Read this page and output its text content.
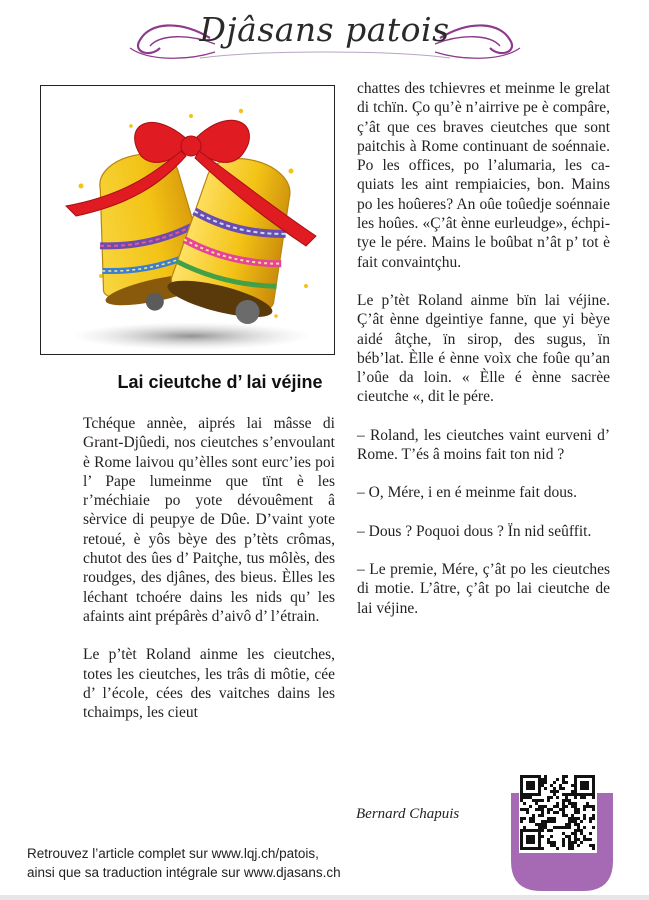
Djâsans patois
Lai cieutche d’ lai véjine

Tchéque annèe, aiprés lai mâsse di Grant-Djûedi, nos cieutches s’envoulant è Rome laivou qu’èlles sont eurc’ies poi l’ Pape lumeinme que tïnt è les r’méchiaie po yote dévouêment â sèrvice di peupye de Dûe. D’vaint yote retoué, è yôs bèye des p’tèts crômas, chutot des ûes d’ Paitçhe, tus môlès, des roudges, des djânes, des bieus. Èlles les léchant tchoére dains les nids qu’ les afaints aint prépârès d’aivô d’ l’étrain.

Le p’tèt Roland ainme les cieutches, totes les cieutches, les trâs di môtie, cée d’ l’école, cées des vaitches dains les tchaimps, les cieut

chattes des tchievres et meinme le grelat di tchïn. Ço qu’è n’airrive pe è compâre, ç’ât que ces braves cieutches que sont paitchis à Rome continuant de soénnaie. Po les offices, po l’alumaria, les caquiats les aint rempiaicies, bon. Mains po les hoûeres? An oûe toûedje soénnaie les hoûes. «Ç’ât ènne eurleudge», échpitye le pére. Mains le boûbat n’ât p’ tot è fait convaintçhu.

Le p’tèt Roland ainme bïn lai véjine. Ç’ât ènne dgeintiye fanne, que yi bèye aidé âtçhe, ïn sirop, des sugus, ïn béb’lat. Èlle é ènne voìx che foûe qu’an l’oûe da loin. « Èlle é ènne sacrèe cieutche «, dit le pére.

– Roland, les cieutches vaint eurveni d’ Rome. T’és â moins fait ton nid ?

– O, Mére, i en é meinme fait dous.

– Dous ? Poquoi dous ? Ïn nid seûffit.

– Le premie, Mére, ç’ât po les cieutches di motie. L’âtre, ç’ât po lai cieutche de lai véjine.

Bernard Chapuis
Retrouvez l’article complet sur www.lqj.ch/patois,
ainsi que sa traduction intégrale sur www.djasans.ch
